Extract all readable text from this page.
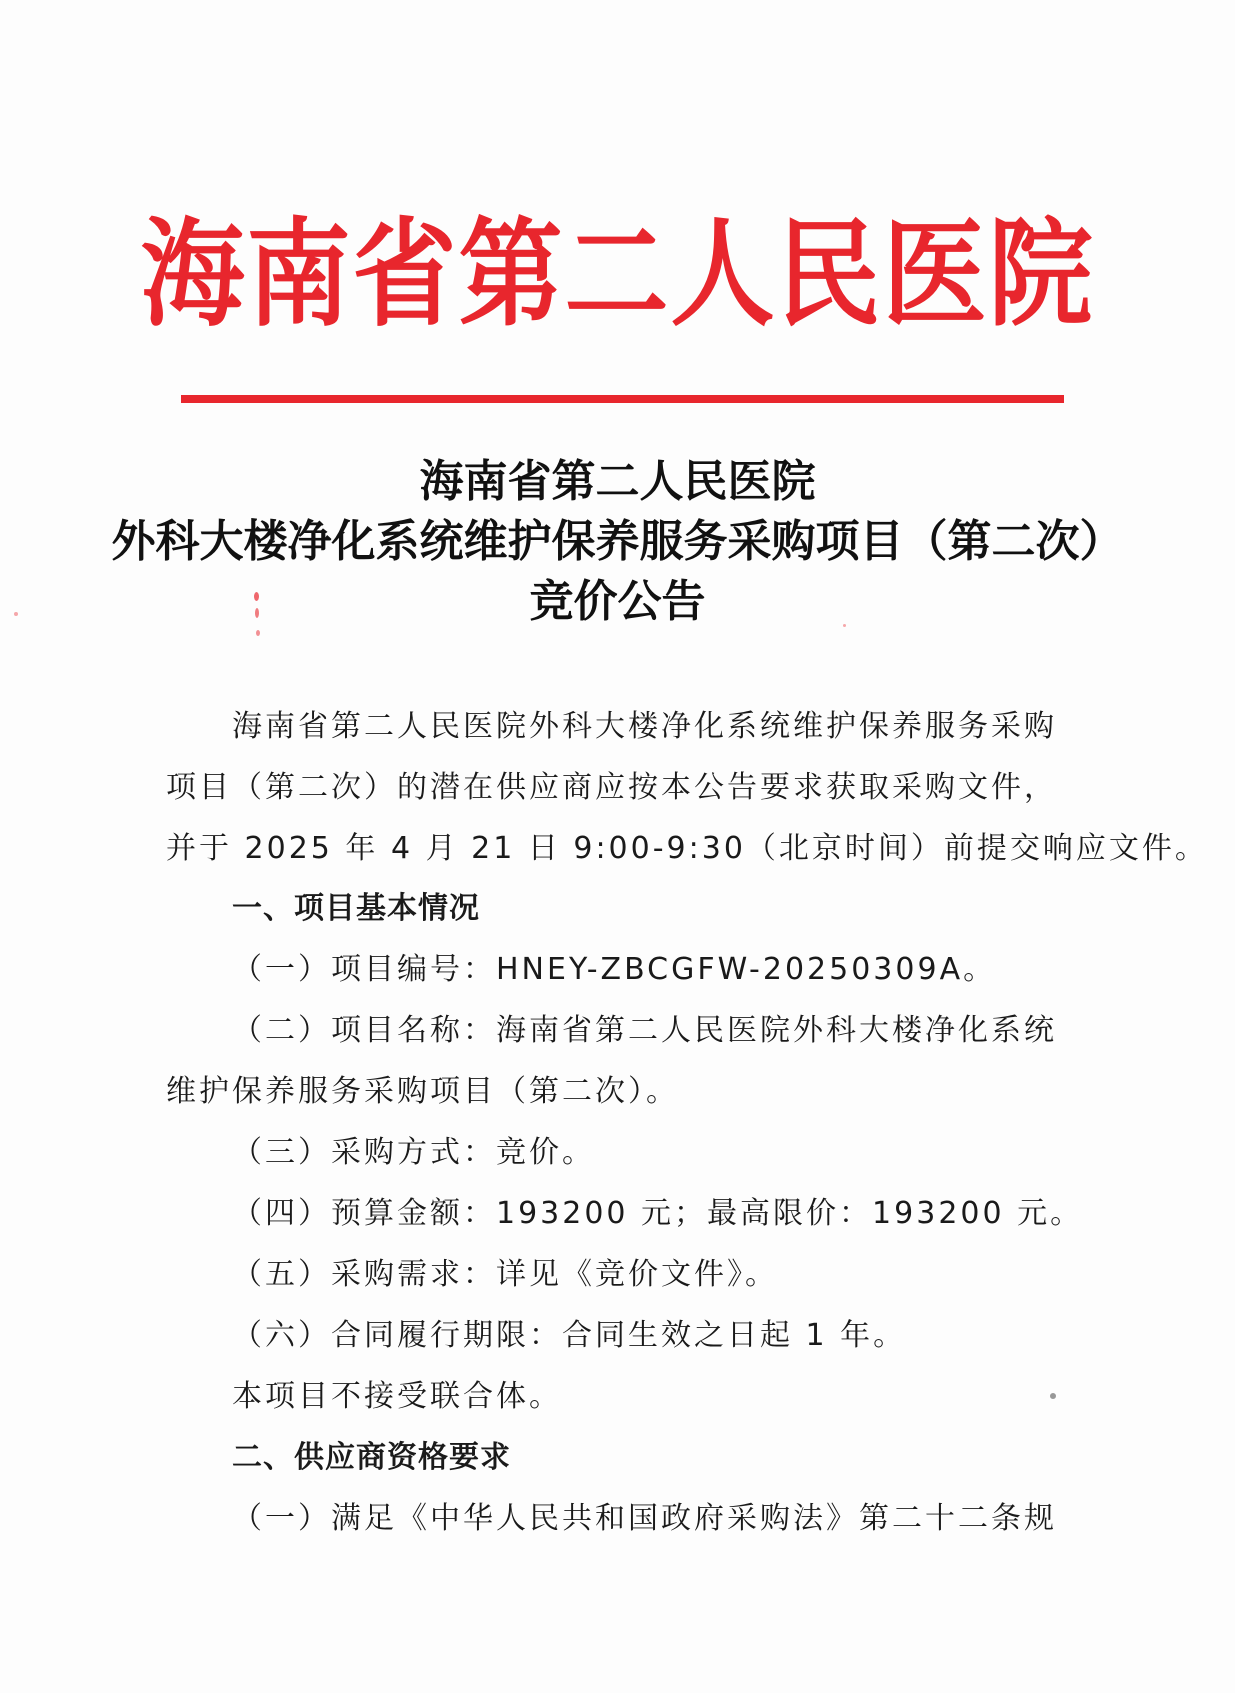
海南省第二人民医院
海南省第二人民医院
外科大楼净化系统维护保养服务采购项目（第二次）
竞价公告
海南省第二人民医院外科大楼净化系统维护保养服务采购
项目（第二次）的潜在供应商应按本公告要求获取采购文件，
并于 2025 年 4 月 21 日 9:00-9:30（北京时间）前提交响应文件。
一、项目基本情况
（一）项目编号：HNEY-ZBCGFW-20250309A。
（二）项目名称：海南省第二人民医院外科大楼净化系统
维护保养服务采购项目（第二次）。
（三）采购方式：竞价。
（四）预算金额：193200 元；最高限价：193200 元。
（五）采购需求：详见《竞价文件》。
（六）合同履行期限：合同生效之日起 1 年。
本项目不接受联合体。
二、供应商资格要求
（一）满足《中华人民共和国政府采购法》第二十二条规
